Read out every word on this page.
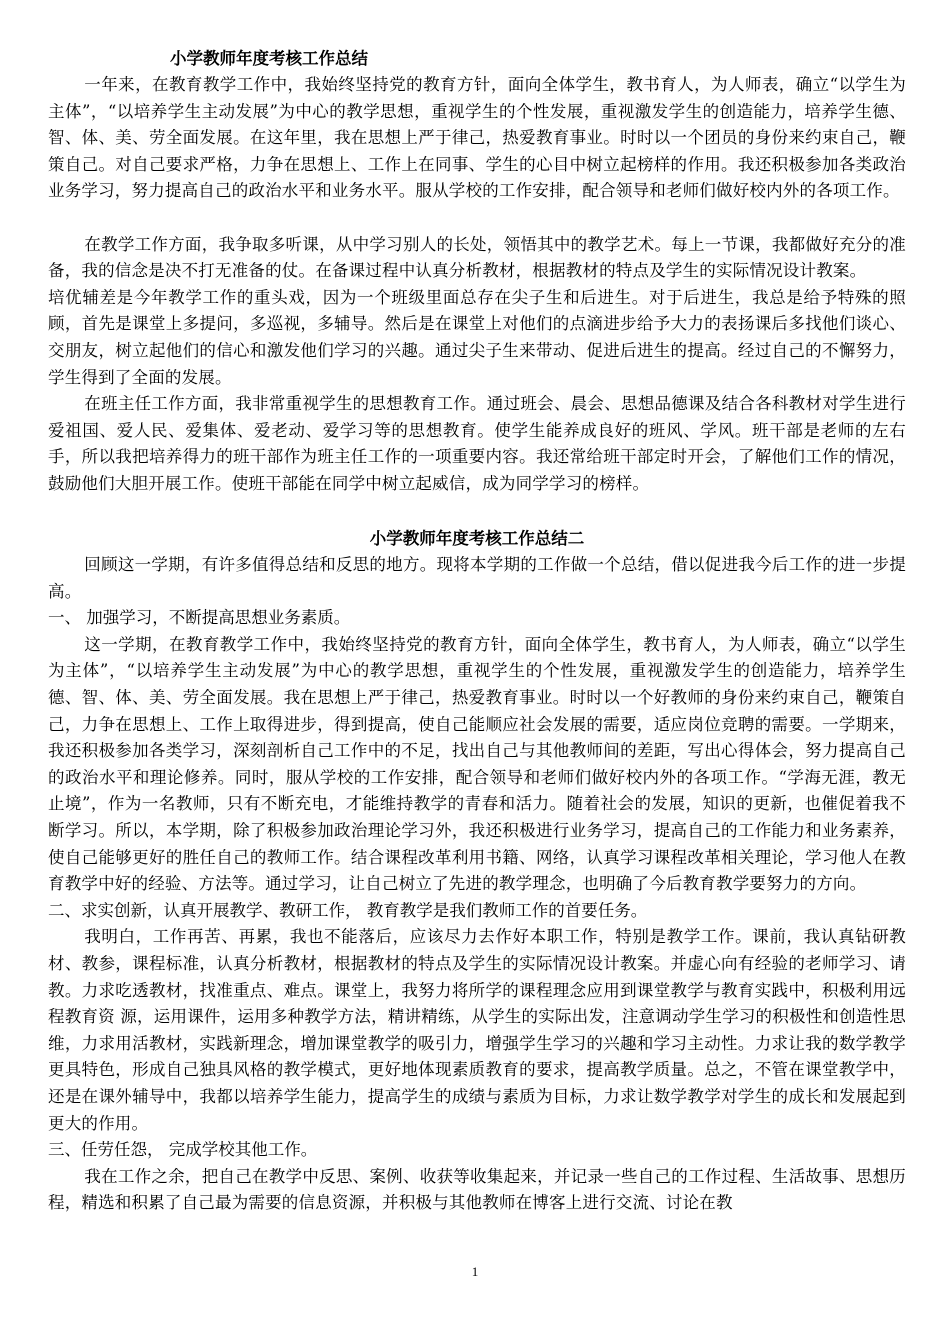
小学教师年度考核工作总结

一年来，在教育教学工作中，我始终坚持党的教育方针，面向全体学生，教书育人，为人师表，确立“以学生为主体”，“以培养学生主动发展”为中心的教学思想，重视学生的个性发展，重视激发学生的创造能力，培养学生德、智、体、美、劳全面发展。在这年里，我在思想上严于律己，热爱教育事业。时时以一个团员的身份来约束自己，鞭策自己。对自己要求严格，力争在思想上、工作上在同事、学生的心目中树立起榜样的作用。我还积极参加各类政治业务学习，努力提高自己的政治水平和业务水平。服从学校的工作安排，配合领导和老师们做好校内外的各项工作。

在教学工作方面，我争取多听课，从中学习别人的长处，领悟其中的教学艺术。每上一节课，我都做好充分的准备，我的信念是决不打无准备的仗。在备课过程中认真分析教材，根据教材的特点及学生的实际情况设计教案。

培优辅差是今年教学工作的重头戏，因为一个班级里面总存在尖子生和后进生。对于后进生，我总是给予特殊的照顾，首先是课堂上多提问，多巡视，多辅导。然后是在课堂上对他们的点滴进步给予大力的表扬课后多找他们谈心、交朋友，树立起他们的信心和激发他们学习的兴趣。通过尖子生来带动、促进后进生的提高。经过自己的不懈努力，学生得到了全面的发展。

在班主任工作方面，我非常重视学生的思想教育工作。通过班会、晨会、思想品德课及结合各科教材对学生进行爱祖国、爱人民、爱集体、爱老动、爱学习等的思想教育。使学生能养成良好的班风、学风。班干部是老师的左右手，所以我把培养得力的班干部作为班主任工作的一项重要内容。我还常给班干部定时开会，了解他们工作的情况，鼓励他们大胆开展工作。使班干部能在同学中树立起威信，成为同学学习的榜样。

小学教师年度考核工作总结二

回顾这一学期，有许多值得总结和反思的地方。现将本学期的工作做一个总结，借以促进我今后工作的进一步提高。

一、 加强学习，不断提高思想业务素质。

这一学期，在教育教学工作中，我始终坚持党的教育方针，面向全体学生，教书育人，为人师表，确立“以学生为主体”，“以培养学生主动发展”为中心的教学思想，重视学生的个性发展，重视激发学生的创造能力，培养学生德、智、体、美、劳全面发展。我在思想上严于律己，热爱教育事业。时时以一个好教师的身份来约束自己，鞭策自己，力争在思想上、工作上取得进步，得到提高，使自己能顺应社会发展的需要，适应岗位竞聘的需要。一学期来，我还积极参加各类学习，深刻剖析自己工作中的不足，找出自己与其他教师间的差距，写出心得体会，努力提高自己的政治水平和理论修养。同时，服从学校的工作安排，配合领导和老师们做好校内外的各项工作。“学海无涯，教无止境”，作为一名教师，只有不断充电，才能维持教学的青春和活力。随着社会的发展，知识的更新，也催促着我不断学习。所以，本学期，除了积极参加政治理论学习外，我还积极进行业务学习，提高自己的工作能力和业务素养，使自己能够更好的胜任自己的教师工作。结合课程改革利用书籍、网络，认真学习课程改革相关理论，学习他人在教育教学中好的经验、方法等。通过学习，让自己树立了先进的教学理念，也明确了今后教育教学要努力的方向。

二、求实创新，认真开展教学、教研工作， 教育教学是我们教师工作的首要任务。

我明白，工作再苦、再累，我也不能落后，应该尽力去作好本职工作，特别是教学工作。课前，我认真钻研教材、教参，课程标准，认真分析教材，根据教材的特点及学生的实际情况设计教案。并虚心向有经验的老师学习、请教。力求吃透教材，找准重点、难点。课堂上，我努力将所学的课程理念应用到课堂教学与教育实践中，积极利用远程教育资 源，运用课件，运用多种教学方法，精讲精练，从学生的实际出发，注意调动学生学习的积极性和创造性思维，力求用活教材，实践新理念，增加课堂教学的吸引力，增强学生学习的兴趣和学习主动性。力求让我的数学教学更具特色，形成自己独具风格的教学模式，更好地体现素质教育的要求，提高教学质量。总之，不管在课堂教学中，还是在课外辅导中，我都以培养学生能力，提高学生的成绩与素质为目标，力求让数学教学对学生的成长和发展起到更大的作用。

三、任劳任怨， 完成学校其他工作。

我在工作之余，把自己在教学中反思、案例、收获等收集起来，并记录一些自己的工作过程、生活故事、思想历程，精选和积累了自己最为需要的信息资源，并积极与其他教师在博客上进行交流、讨论在教

1
